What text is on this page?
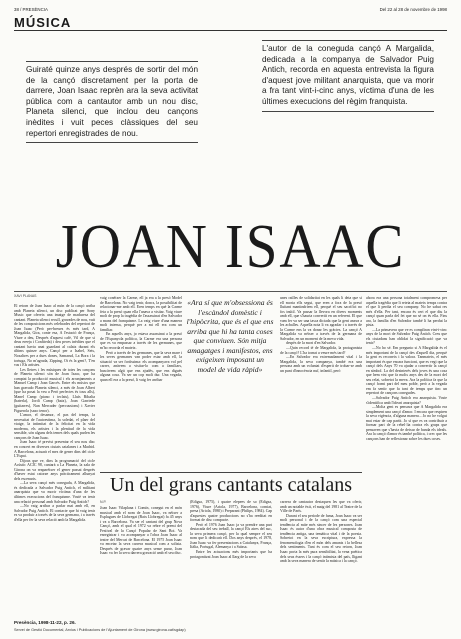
38 / PRESÈNCIA	Del 22 al 28 de novembre de 1998
MÚSICA
Guiraté quinze anys després de sortir del món de la cançó discretament per la porta de darrere, Joan Isaac reprèn ara la seva activitat pública com a cantautor amb un nou disc, Planeta silenci, que inclou deu cançons inèdites i vuit peces clàssiques del seu repertori enregistrades de nou.
L'autor de la coneguda cançó A Margalida, dedicada a la companya de Salvador Puig Antich, recorda en aquesta entrevista la figura d'aquest jove militant anarquista, que va morir a fra tant vint-i-cinc anys, víctima d'una de les últimes execucions del règim franquista.
JOAN ISAAC
XAVI PLANAS

El retorn de Joan Isaac al món de la cançó arriba amb Planeta silenci, un disc publicat per Sony Music que ofereix una imatge de maduresa del cantant. Planeta silenci recull, gravades de nou, vuit de les composicions més celebrades del repertori de Joan Isaac (Però per-breues és més tard, A Margalida, Gira, conte esa, A l'estació de França, Viure a deu, Després d'aquest cafè, Vil de que si deus ereeja i Confiteda) i deu peces inèdites que el cantant havia anat guardant al calaix durant els últims quinze anys. Cançó per a Isabel, Seis, Nosaltres per a dues dones, Samarud, La Bora i la tortuga, No m'agrada, Zipping, Ot és la gent?, T'en vas i Els artistes.

Les lletres i les músiques de totes les cançons de Planeta silenci són de Joan Isaac, que ha comptat la producció musical i els arranjaments a Manuel Camp i Joan Garcés. Entre els músics que han gravado Planeta silenci, a més de Joan Albert (que ha posat la veu a Però perfectes és tous alls), Manel Camp (piano i teclats), Lluís Ribalta (baterla), Jordi Camp (baix), Joan Garriede (guitarres), Nan Mercader (percussions) i Xavier Figuerola (saxo tenor).

L'amor, el desamor, el pas del temps, la necessitat de l'autoestima, la soledat, el plaer del viatge, la intimitat de la felicitat en la vida moderna, els artistes i la plenitud de la vida sensible, són alguns dels temes dels quals parlen les cançons de Joan Isaac.

Joan Isaac té previst presentar el seu nou disc en concert en diverses ciutats catalanes i a Madrid. A Barcelona, actuarà el mes de gener dins del cicle L'Espai.

Dijous que ve, dins la programació del cicle Acústic ACIC 98, cantarà a La Planeta, la sala de Girona on va reaparèixer el gener passat després d'haver estat catorze anys pràcticament allunyat dels escenaris.

—La seva cançó més coneguda, A Margalida, és dedicada a Salvador Puig Antich, el militant anarquista que va morir víctima d'una de les últimes execucions del franquisme. Vostè va tenir una relació personal amb Salvador Puig Antich?

—No vaig arribar a parlar mai amb ell, en Salvador Puig Antich. El contacte que hi vaig tenir es va produir a través de la seva germana, i a través d'ella per fer la seva relació amb la Margalida.

vaig conèixer la Carme, ell ja era a la presó Model de Barcelona. No vaig tenir, doncs, la possibilitat de relacionar-me amb ell. Eren temps en què la Carme feia a la presó quan ella l'anava a visitar. Vaig viure molt de prop la tragèdia de l'assassinat d'en Salvador a mans del franquisme. La vaig viure d'una manera molt intensa, perquè per a mi ell era com un familiar.

En aquells anys, jo estava assassinat a la presó de l'Espanyola política, la Carme era una persona que es va empassar a través de les germanes, que m'ho recorda el mateix.

Però a través de les germanes, que la seva mare i les seves germanes van poder estar amb ell, la situació va ser fortíssima: els acompanyava vol pel carrer, anàvem a visitar-lo com a familiars, buscàvem algú que ens ajudés, que ens digués alguna cosa. Va ser un cop molt dur. Una vegada, quan ell era a la presó, li vaig fer arribar

«Ara sí que m'obsessiona és l'escàndol domèstic i l'hipòcrita, que és el que ens arriba que hi ha tanta coses que conviuen. Són mitja amagatges i manifestos, ens exigeixen imposant un model de vida ràpid»

unes ratlles de solidaritat en les quals li deia que si ell moria ells segui, que eren a fora de la presó lluitant mantindríem ell, perquè el seu sacrifici no fos inútil. Va passar la llevora en divers moments amb ell, que s'hauria convertit en un referent. El que vam fer va ser una tasca dictada que la gent anava a les acballes. Aquella nota li va agradar i a través de la Carme ens la va donar les gràcies. La cançó A Margalida va néixer a través de la germana de Salvador, en un moment de la meva vida.

despès de la mort d'en Salvador.

—Quin record té de Margalida, la protagonista de la cançó? L'ha tornat a veure més tard?

—En Salvador era extremadament vital i la Margalida, la seva companya, també era una persona amb un voluntat d'esperit de trobar-se amb un punt d'innocència nuf, infantil, però

ahora era una persona totalment compromesa per aquella tragèdia que li reteia al mateix temps contra el que li perdia el seu company. No he sabut res més d'ella. Per tant, encara és cert el que diu la cançó quan parla del fet que no sé on és ella. Fins ara, la família d'en Salvador també li ha perdut la pista.

—La primavera que ve es compliran vint-i-cinc anys de la mort de Salvador Puig Antich. Creu que els ciutadans han oblidat la significació que va tenir?

—No ho sé. Em pregunto si A Margalida és el més important de la cançó des d'aquell dia, perquè la gent es reconeix i la valora. Tanmateix, el més important és que encara funcioni, que es vegi que la cançó dels Anys 70 va ajudar a convertir la cançó en símbol. La del desinterès dels joves és una cosa que hem vist que fa molts anys des de la mort del seu relat, sobretot la meva. Ara la política fa que la cançó formi part del meu poble, però a la vegada em fa sentir que fa tant de temps que tinc un repertori de cançons conegudes.

—Salvador Puig Antich era anarquista. Voste s'identifica amb l'ideari anarquista?

—Molta gent es pensava que A Margalida era simplement una cançó d'amor. I encara que respiren la seva vigència, d'alguna manera... Jo no he volgut mai estar de cap partit. Jo sí que es va contribuir a formar part de la rebel·lia contra els grups que pensaven que s'havia de deixar de banda els ideals. Ara la cançó d'amor és també política, i crec que les cançons han de reflexionar sobre les dues coses.

Un del grans cantants catalans
N.P.

Joan Isaac Vilaplana i Comín, conegut en el món musical amb el nom de Joan Isaac, va néixer a Esplugues de Llobregat (Baix Llobregat) fa 45 anys i va a Barcelona. Va ser el cantant del grup Nova Cançó, amb el qual el 1972 va rebre el premi del Festival de la Cançó Popular de Sant Boi. Va enregistrar i va acompanyar a l'obra Joan Isaac al teatre del Mercat de Barcelona. El 1975 Joan Isaac va encetar la seva carrera musical com a solista. Després de gravar quatre anys sense parar, Joan Isaac va fer la seva darrera gravació amb el seu disc.

(Edigsa, 1975), i quatre elepees de so (Edigsa, 1976), Viure (Ariola, 1977), Barcelona, comiat, presa (Ariola, 1980) i Preparant (Philips, 1984). Cap d'aquestes quatre produccions no s'ha reeditat en format de disc compacte.

Però el 1976 Joan Isaac ja va prendre una part destacada del seu treball, la cançó Els aires del suc, la seva primera cançó, per la qual sempre el seu nom que li dedicarà ell. Dos anys després, el 1978, Joan Isaac va fer presentacions a Catalunya, França, Itàlia, Portugal, Alemanya i a Suïssa.

Entre les actuacions més importants que ha protagonitzat Joan Isaac al llarg de la seva

carrera de cantautor destaquen les que va oferir, amb un notable èxit, el maig del 1981 al Teatre de la Ville de París.

Durant el seu període de fama, Joan Isaac va ser molt personal i de la cançó com una especial tendència al mite més sincer de les persones. Joan Isaac és autor d'una obra musical composta de tendència antiga, una temàtica vital i de la poesia. Sobretot en la seva escriptura, expressa la fenomenologia d'en el món dels amants i la bellesa dels sentiments. Tant és com el seu retorn, Joan Isaac porta la més pura sensibilitat, la vena poètica dels seus éssers i la cançó intimista del país, lligant amb la seva manera de sentir la música i la cançó.

Presència, 1998-11-22, p. 26.
Servei de Gestió Documental, Arxius i Publicacions de l'Ajuntament de Girona (www.girona.cat/sgdap)
